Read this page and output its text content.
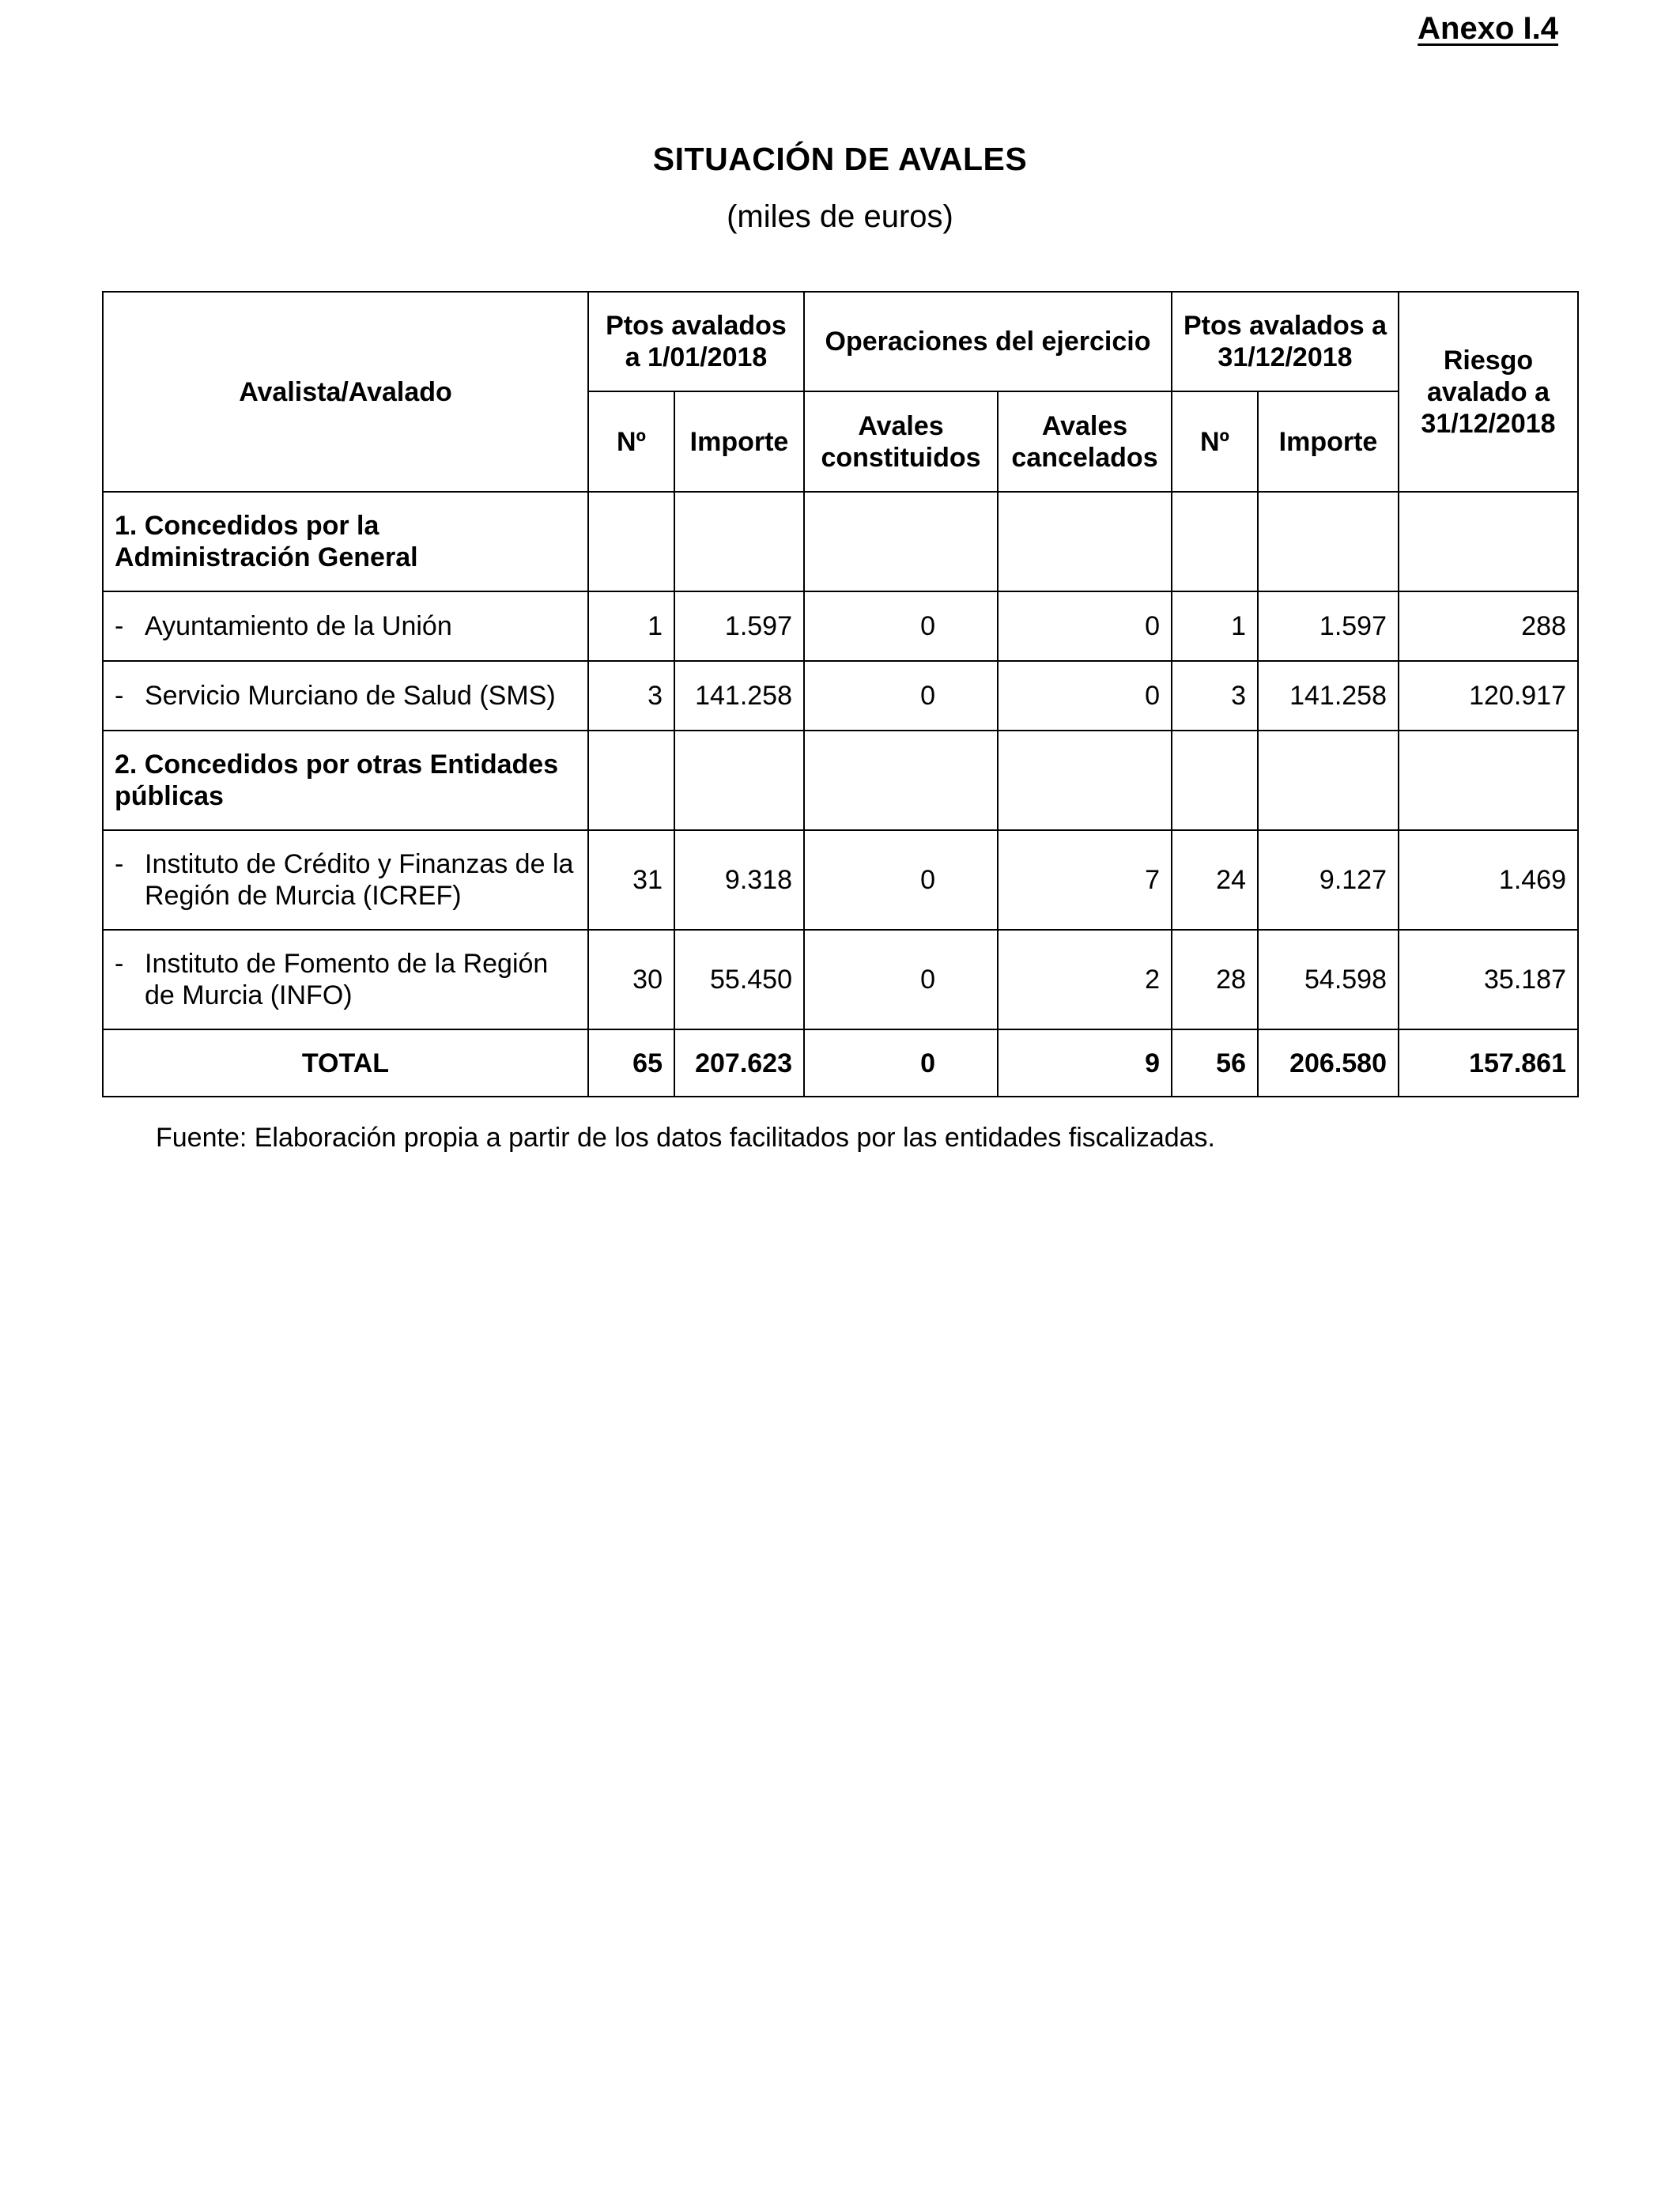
Anexo I.4
SITUACIÓN DE AVALES
(miles de euros)
Avalista/Avalado	Ptos avalados a 1/01/2018		Operaciones del ejercicio		Ptos avalados a 31/12/2018		Riesgo avalado a 31/12/2018
	Nº	Importe	Avales constituidos	Avales cancelados	Nº	Importe	
1. Concedidos por la Administración General							

- Ayuntamiento de la Unión	1	1.597	0	0	1	1.597	288

- Servicio Murciano de Salud (SMS)	3	141.258	0	0	3	141.258	120.917
2. Concedidos por otras Entidades públicas							

- Instituto de Crédito y Finanzas de la Región de Murcia (ICREF)	31	9.318	0	7	24	9.127	1.469

- Instituto de Fomento de la Región de Murcia (INFO)	30	55.450	0	2	28	54.598	35.187
TOTAL	65	207.623	0	9	56	206.580	157.861
Fuente: Elaboración propia a partir de los datos facilitados por las entidades fiscalizadas.
